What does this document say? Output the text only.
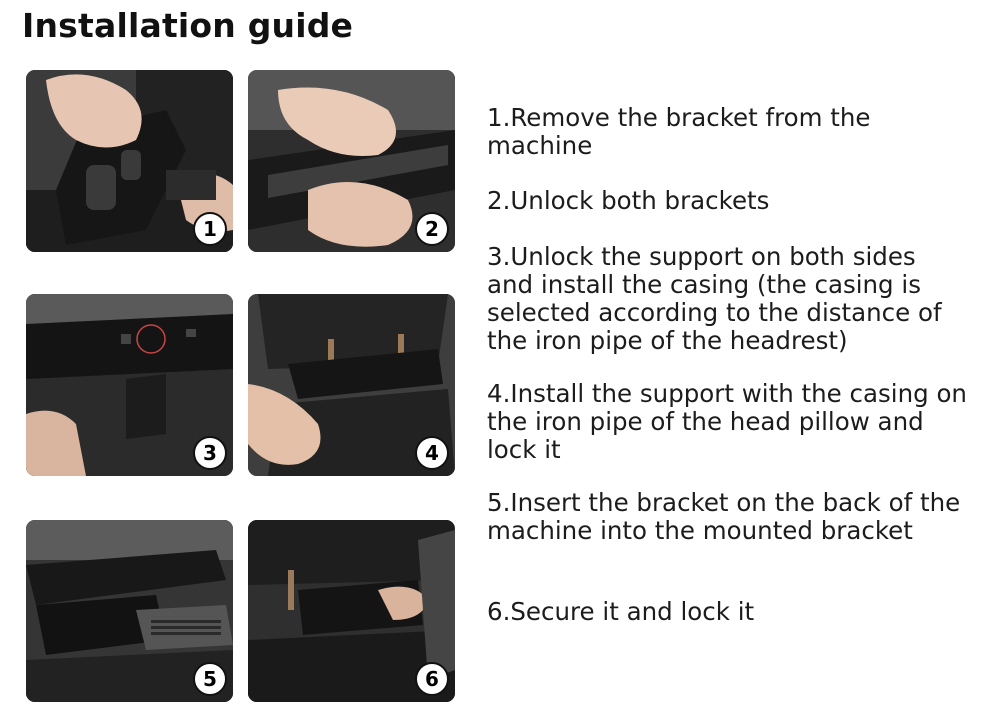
Installation guide
1	2
3	4
5	6
1.Remove the bracket from the machine
2.Unlock both brackets
3.Unlock the support on both sides and install the casing (the casing is selected according to the distance of the iron pipe of the headrest)
4.Install the support with the casing on the iron pipe of the head pillow and lock it
5.Insert the bracket on the back of the machine into the mounted bracket
6.Secure it and lock it
